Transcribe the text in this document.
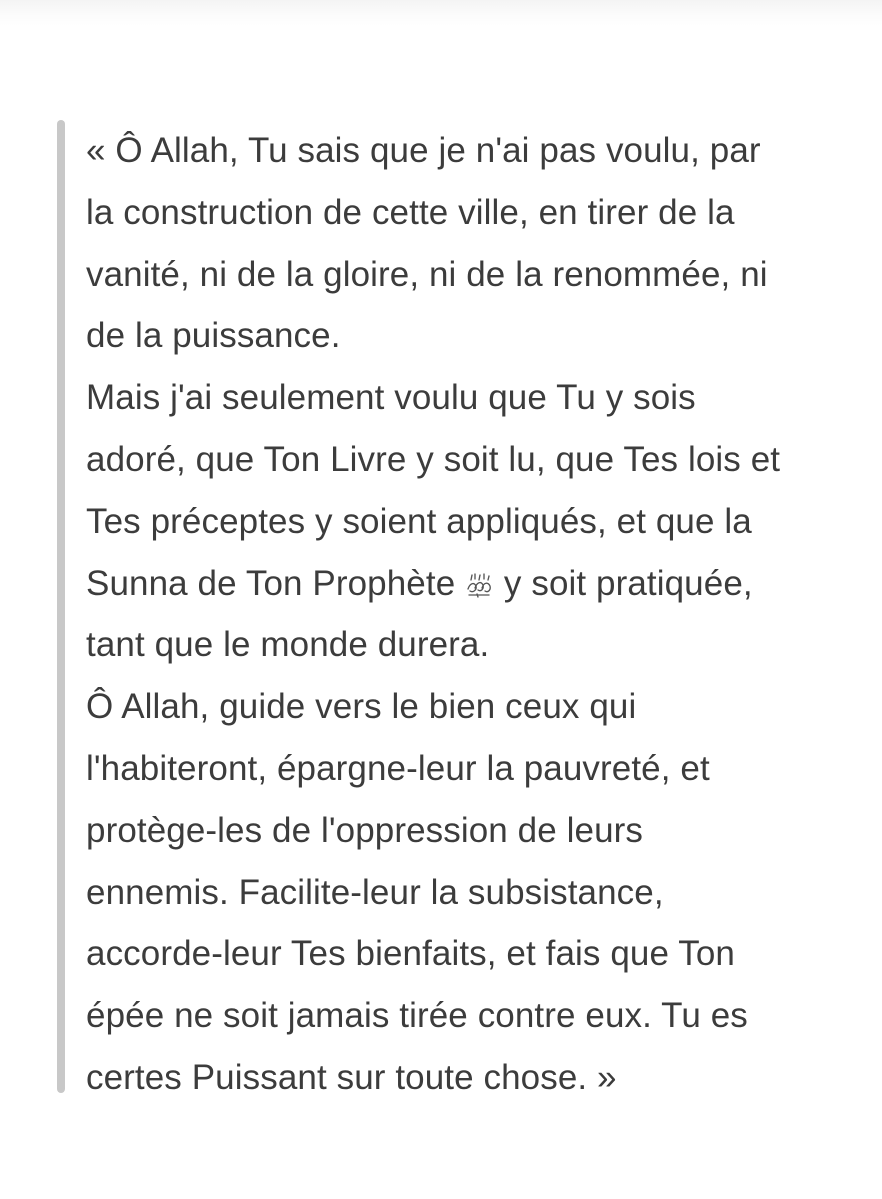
« Ô Allah, Tu sais que je n'ai pas voulu, par
la construction de cette ville, en tirer de la
vanité, ni de la gloire, ni de la renommée, ni
de la puissance.
Mais j'ai seulement voulu que Tu y sois
adoré, que Ton Livre y soit lu, que Tes lois et
Tes préceptes y soient appliqués, et que la
Sunna de Ton Prophète y soit pratiquée,
tant que le monde durera.
Ô Allah, guide vers le bien ceux qui
l'habiteront, épargne-leur la pauvreté, et
protège-les de l'oppression de leurs
ennemis. Facilite-leur la subsistance,
accorde-leur Tes bienfaits, et fais que Ton
épée ne soit jamais tirée contre eux. Tu es
certes Puissant sur toute chose. »
